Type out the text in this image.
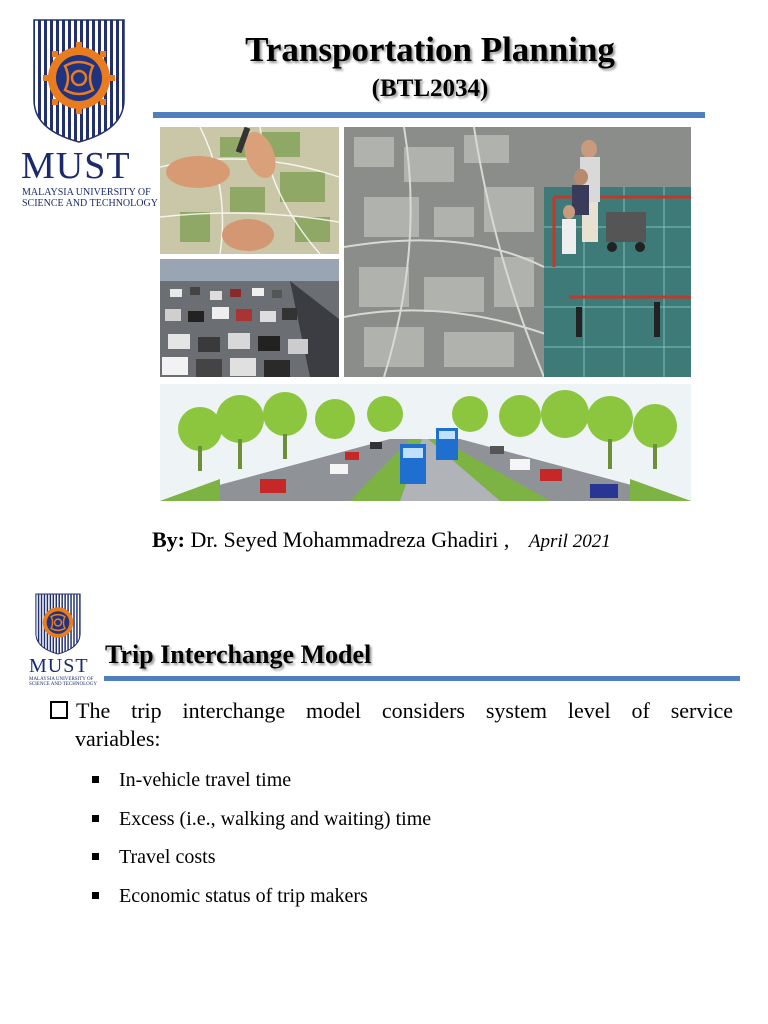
MUST
MALAYSIA UNIVERSITY OF
SCIENCE AND TECHNOLOGY
Transportation Planning
(BTL2034)
By: Dr. Seyed Mohammadreza Ghadiri , April 2021
MUST
MALAYSIA UNIVERSITY OF
SCIENCE AND TECHNOLOGY
Trip Interchange Model
The trip interchange model considers system level of service
variables:
In-vehicle travel time
Excess (i.e., walking and waiting) time
Travel costs
Economic status of trip makers
